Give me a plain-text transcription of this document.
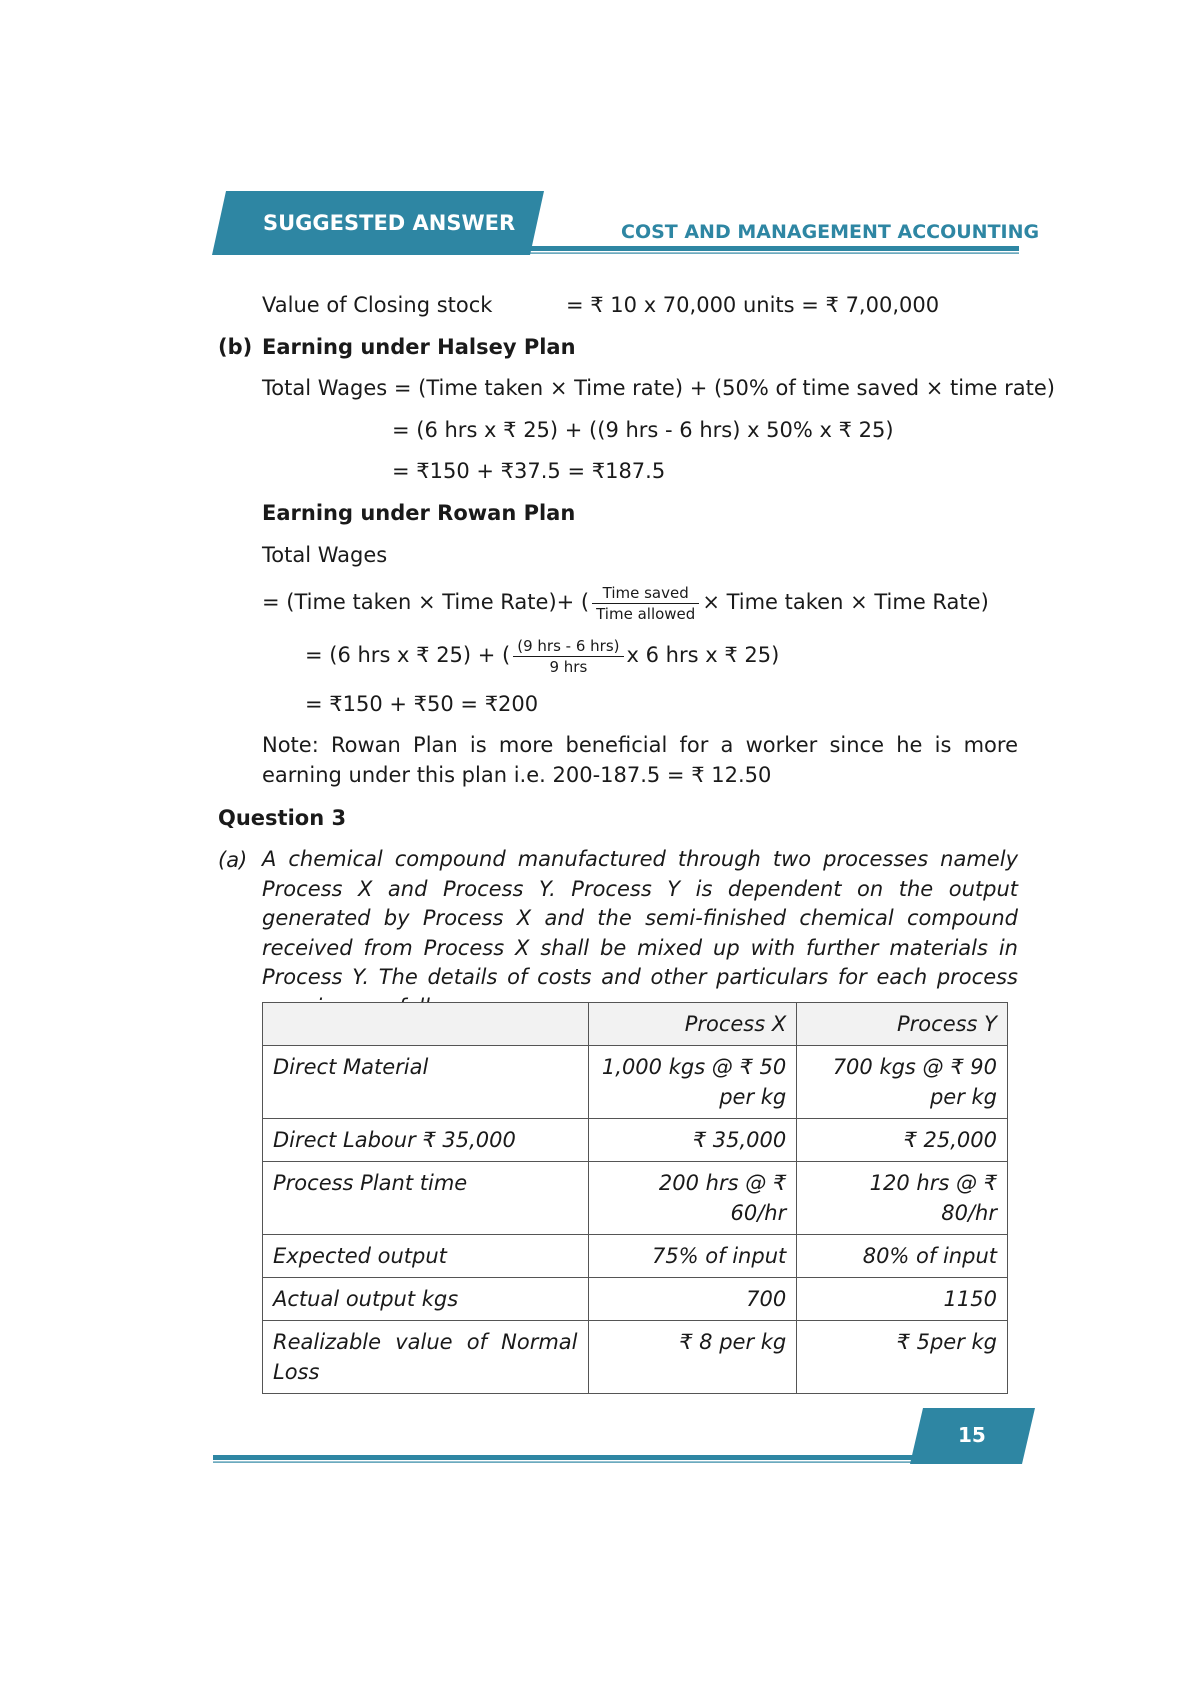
SUGGESTED ANSWER	COST AND MANAGEMENT ACCOUNTING
Value of Closing stock	= ₹ 10 x 70,000 units = ₹ 7,00,000
(b) Earning under Halsey Plan
Total Wages = (Time taken × Time rate) + (50% of time saved × time rate)
= (6 hrs x ₹ 25) + ((9 hrs - 6 hrs) x 50% x ₹ 25)
= ₹150 + ₹37.5 = ₹187.5
Earning under Rowan Plan
Total Wages
= (Time taken × Time Rate)+ ( $\frac{\text{Time saved}}{\text{Time allowed}}$ × Time taken × Time Rate)
= (6 hrs x ₹ 25) + ( $\frac{\text{(9 hrs - 6 hrs)}}{\text{9 hrs}}$ x 6 hrs x ₹ 25)
= ₹150 + ₹50 = ₹200
Note: Rowan Plan is more beneficial for a worker since he is more earning under this plan i.e. 200-187.5 = ₹ 12.50
Question 3
(a) A chemical compound manufactured through two processes namely Process X and Process Y. Process Y is dependent on the output generated by Process X and the semi-finished chemical compound received from Process X shall be mixed up with further materials in Process Y. The details of costs and other particulars for each process
	Process X	Process Y
Direct Material	1,000 kgs @ ₹ 50 per kg	700 kgs @ ₹ 90 per kg
Direct Labour ₹ 35,000	₹ 35,000	₹ 25,000
Process Plant time	200 hrs @ ₹ 60/hr	120 hrs @ ₹ 80/hr
Expected output	75% of input	80% of input
Actual output kgs	700	1150
Realizable value of Normal Loss	₹ 8 per kg	₹ 5per kg
15
